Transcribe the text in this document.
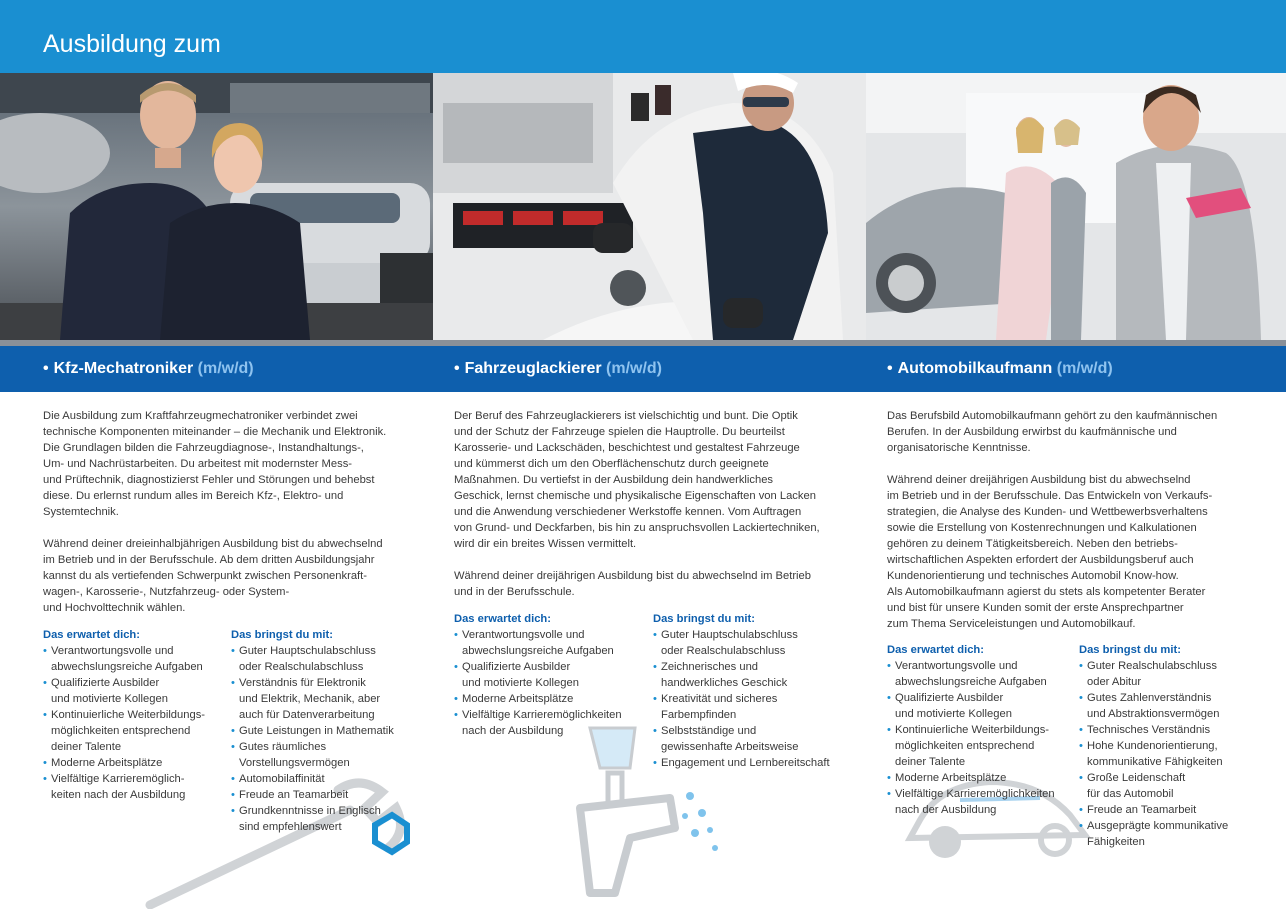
Ausbildung zum
• Kfz-Mechatroniker (m/w/d)	• Fahrzeuglackierer (m/w/d)	• Automobilkaufmann (m/w/d)
Die Ausbildung zum Kraftfahrzeugmechatroniker verbindet zwei
technische Komponenten miteinander – die Mechanik und Elektronik.
Die Grundlagen bilden die Fahrzeugdiagnose-, Instandhaltungs-,
Um- und Nachrüstarbeiten. Du arbeitest mit modernster Mess-
und Prüftechnik, diagnostizierst Fehler und Störungen und behebst
diese. Du erlernst rundum alles im Bereich Kfz-, Elektro- und
Systemtechnik.
Während deiner dreieinhalbjährigen Ausbildung bist du abwechselnd
im Betrieb und in der Berufsschule. Ab dem dritten Ausbildungsjahr
kannst du als vertiefenden Schwerpunkt zwischen Personenkraft-
wagen-, Karosserie-, Nutzfahrzeug- oder System-
und Hochvolttechnik wählen.
Das erwartet dich:
• Verantwortungsvolle und
abwechslungsreiche Aufgaben
• Qualifizierte Ausbilder
und motivierte Kollegen
• Kontinuierliche Weiterbildungs-
möglichkeiten entsprechend
deiner Talente
• Moderne Arbeitsplätze
• Vielfältige Karrieremöglich-
keiten nach der Ausbildung
Das bringst du mit:
• Guter Hauptschulabschluss
oder Realschulabschluss
• Verständnis für Elektronik
und Elektrik, Mechanik, aber
auch für Datenverarbeitung
• Gute Leistungen in Mathematik
• Gutes räumliches
Vorstellungsvermögen
• Automobilaffinität
• Freude an Teamarbeit
• Grundkenntnisse in Englisch
sind empfehlenswert
Der Beruf des Fahrzeuglackierers ist vielschichtig und bunt. Die Optik
und der Schutz der Fahrzeuge spielen die Hauptrolle. Du beurteilst
Karosserie- und Lackschäden, beschichtest und gestaltest Fahrzeuge
und kümmerst dich um den Oberflächenschutz durch geeignete
Maßnahmen. Du vertiefst in der Ausbildung dein handwerkliches
Geschick, lernst chemische und physikalische Eigenschaften von Lacken
und die Anwendung verschiedener Werkstoffe kennen. Vom Auftragen
von Grund- und Deckfarben, bis hin zu anspruchsvollen Lackiertechniken,
wird dir ein breites Wissen vermittelt.
Während deiner dreijährigen Ausbildung bist du abwechselnd im Betrieb
und in der Berufsschule.
Das erwartet dich:
• Verantwortungsvolle und
abwechslungsreiche Aufgaben
• Qualifizierte Ausbilder
und motivierte Kollegen
• Moderne Arbeitsplätze
• Vielfältige Karrieremöglichkeiten
nach der Ausbildung
Das bringst du mit:
• Guter Hauptschulabschluss
oder Realschulabschluss
• Zeichnerisches und
handwerkliches Geschick
• Kreativität und sicheres
Farbempfinden
• Selbstständige und
gewissenhafte Arbeitsweise
• Engagement und Lernbereitschaft
Das Berufsbild Automobilkaufmann gehört zu den kaufmännischen
Berufen. In der Ausbildung erwirbst du kaufmännische und
organisatorische Kenntnisse.
Während deiner dreijährigen Ausbildung bist du abwechselnd
im Betrieb und in der Berufsschule. Das Entwickeln von Verkaufs-
strategien, die Analyse des Kunden- und Wettbewerbsverhaltens
sowie die Erstellung von Kostenrechnungen und Kalkulationen
gehören zu deinem Tätigkeitsbereich. Neben den betriebs-
wirtschaftlichen Aspekten erfordert der Ausbildungsberuf auch
Kundenorientierung und technisches Automobil Know-how.
Als Automobilkaufmann agierst du stets als kompetenter Berater
und bist für unsere Kunden somit der erste Ansprechpartner
zum Thema Serviceleistungen und Automobilkauf.
Das erwartet dich:
• Verantwortungsvolle und
abwechslungsreiche Aufgaben
• Qualifizierte Ausbilder
und motivierte Kollegen
• Kontinuierliche Weiterbildungs-
möglichkeiten entsprechend
deiner Talente
• Moderne Arbeitsplätze
• Vielfältige Karrieremöglichkeiten
nach der Ausbildung
Das bringst du mit:
• Guter Realschulabschluss
oder Abitur
• Gutes Zahlenverständnis
und Abstraktionsvermögen
• Technisches Verständnis
• Hohe Kundenorientierung,
kommunikative Fähigkeiten
• Große Leidenschaft
für das Automobil
• Freude an Teamarbeit
• Ausgeprägte kommunikative
Fähigkeiten
